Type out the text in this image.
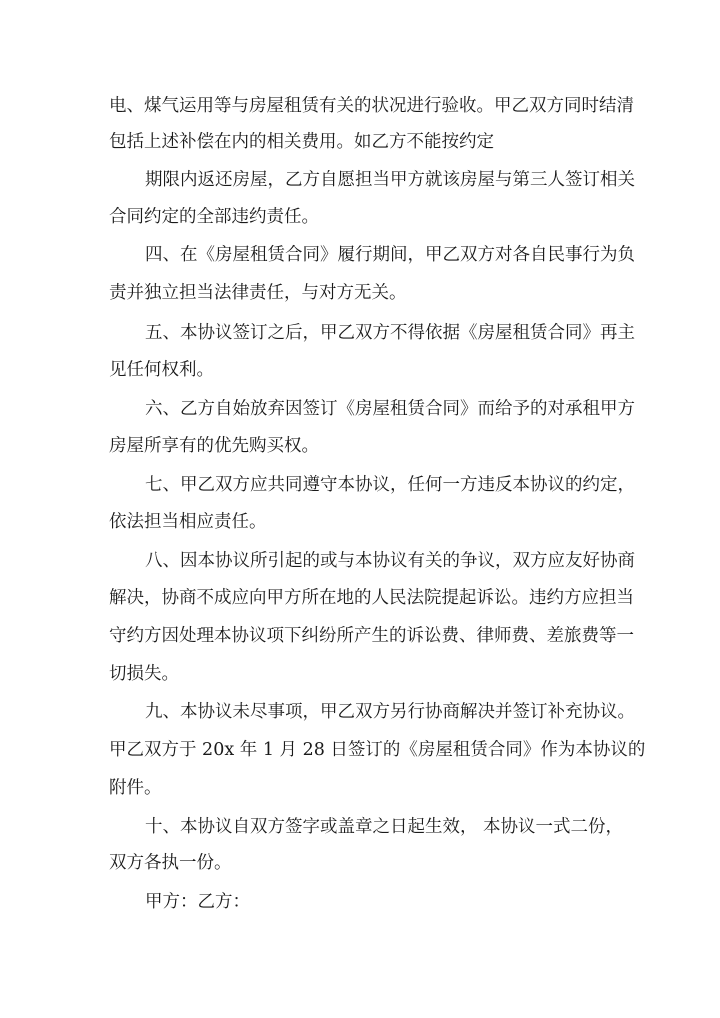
电、煤气运用等与房屋租赁有关的状况进行验收。甲乙双方同时结清
包括上述补偿在内的相关费用。如乙方不能按约定
期限内返还房屋，乙方自愿担当甲方就该房屋与第三人签订相关
合同约定的全部违约责任。
四、在《房屋租赁合同》履行期间，甲乙双方对各自民事行为负
责并独立担当法律责任，与对方无关。
五、本协议签订之后，甲乙双方不得依据《房屋租赁合同》再主
见任何权利。
六、乙方自始放弃因签订《房屋租赁合同》而给予的对承租甲方
房屋所享有的优先购买权。
七、甲乙双方应共同遵守本协议，任何一方违反本协议的约定，
依法担当相应责任。
八、因本协议所引起的或与本协议有关的争议，双方应友好协商
解决，协商不成应向甲方所在地的人民法院提起诉讼。违约方应担当
守约方因处理本协议项下纠纷所产生的诉讼费、律师费、差旅费等一
切损失。
九、本协议未尽事项，甲乙双方另行协商解决并签订补充协议。
甲乙双方于 20x 年 1 月 28 日签订的《房屋租赁合同》作为本协议的
附件。
十、本协议自双方签字或盖章之日起生效， 本协议一式二份，
双方各执一份。
甲方：乙方：
